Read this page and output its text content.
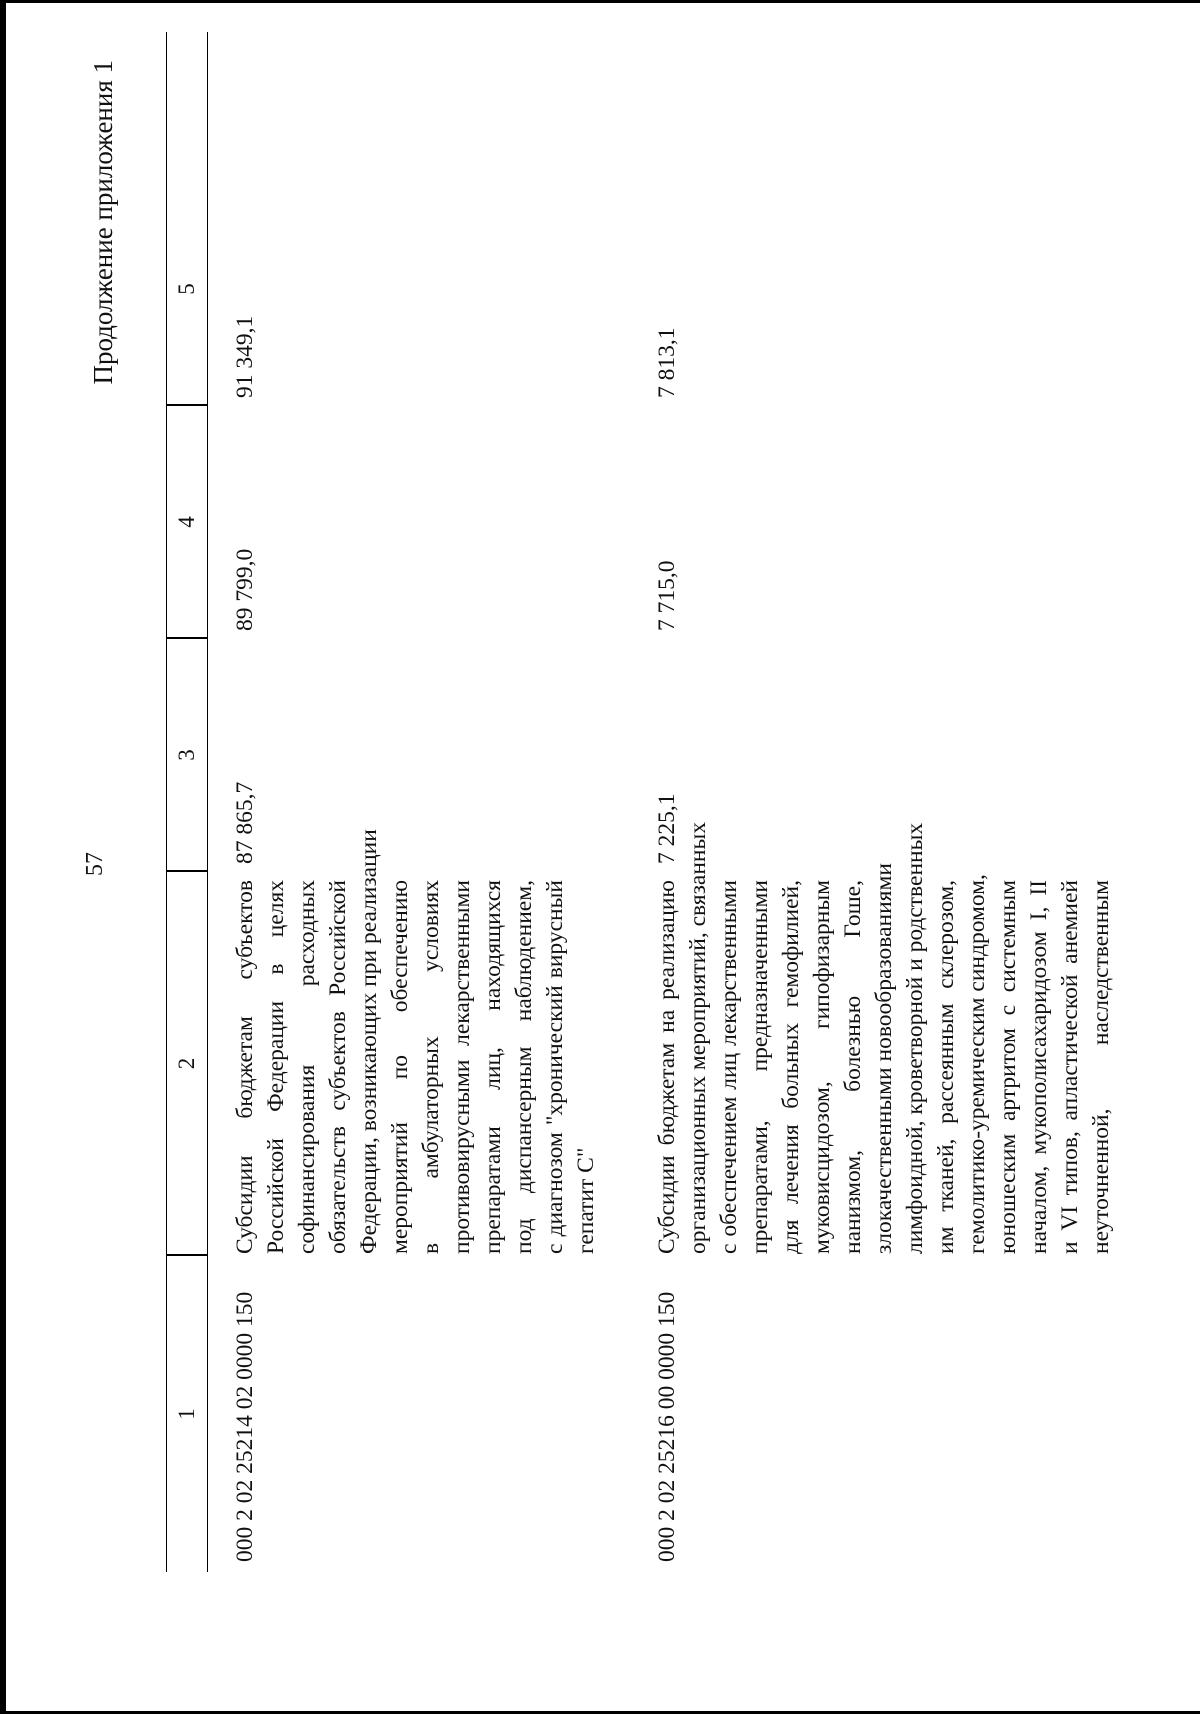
57
Продолжение приложения 1
1
2
3
4
5
000 2 02 25214 02 0000 150
Субсидии бюджетам субъектов Российской Федерации в целях софинансирования расходных обязательств субъектов Российской Федерации, возникающих при реализации мероприятий по обеспечению в амбулаторных условиях противовирусными лекарственными препаратами лиц, находящихся под диспансерным наблюдением, с диагнозом "хронический вирусный гепатит С"
87 865,7
89 799,0
91 349,1
000 2 02 25216 00 0000 150
Субсидии бюджетам на реализацию организационных мероприятий, связанных с обеспечением лиц лекарственными препаратами, предназначенными для лечения больных гемофилией, муковисцидозом, гипофизарным нанизмом, болезнью Гоше, злокачественными новообразованиями лимфоидной, кроветворной и родственных им тканей, рассеянным склерозом, гемолитико-уремическим синдромом, юношеским артритом с системным началом, мукополисахаридозом I, II и VI типов, апластической анемией неуточненной, наследственным
7 225,1
7 715,0
7 813,1
